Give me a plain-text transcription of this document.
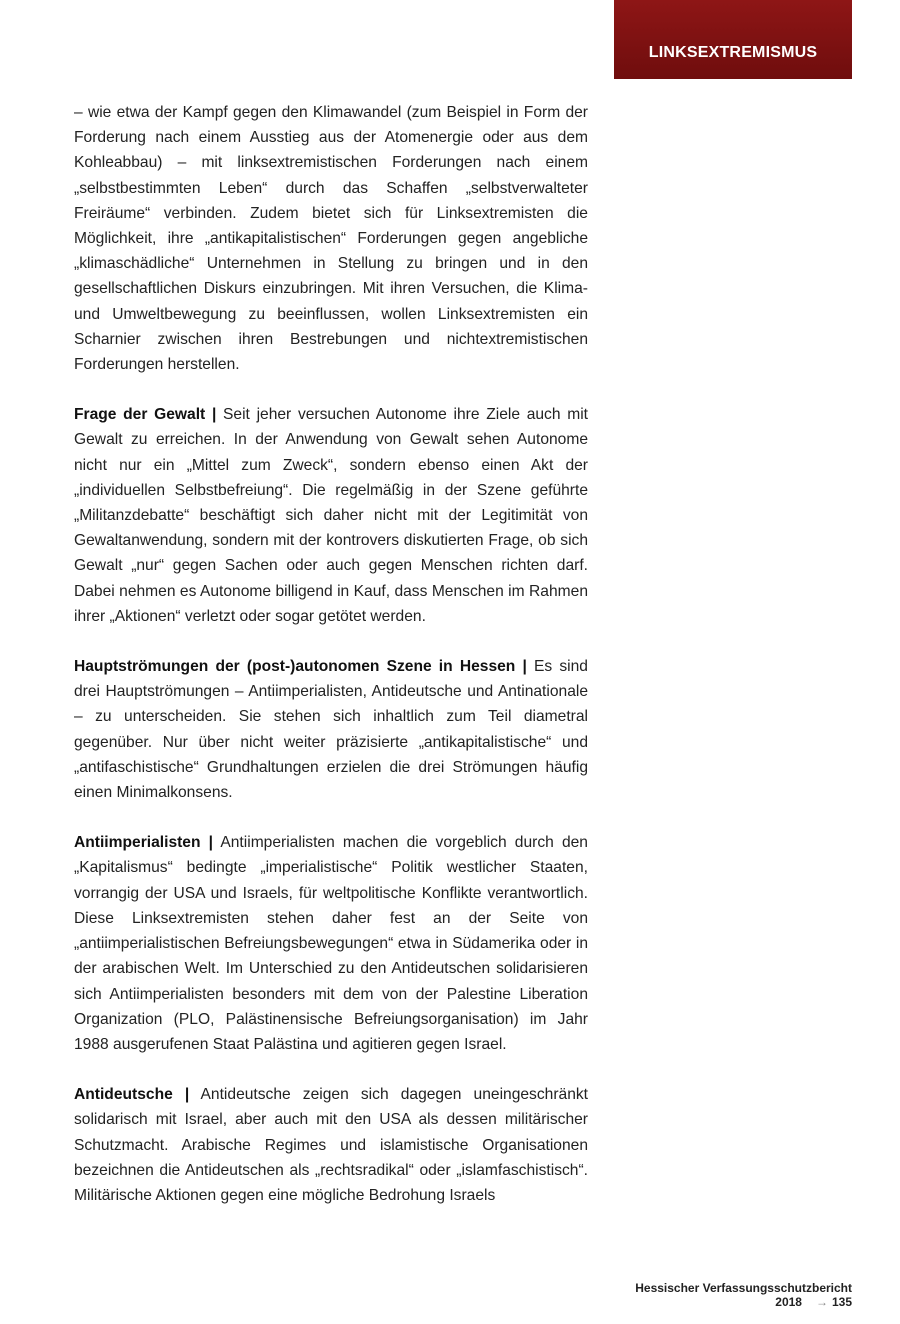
LINKSEXTREMISMUS

– wie etwa der Kampf gegen den Klimawandel (zum Beispiel in Form der Forderung nach einem Ausstieg aus der Atomenergie oder aus dem Kohleabbau) – mit linksextremistischen Forderungen nach einem „selbstbestimmten Leben“ durch das Schaffen „selbstverwalteter Freiräume“ verbinden. Zudem bietet sich für Linksextremisten die Möglichkeit, ihre „antikapitalistischen“ Forderungen gegen angebliche „klimaschädliche“ Unternehmen in Stellung zu bringen und in den gesellschaftlichen Diskurs einzubringen. Mit ihren Versuchen, die Klima- und Umweltbewegung zu beeinflussen, wollen Linksextremisten ein Scharnier zwischen ihren Bestrebungen und nichtextremistischen Forderungen herstellen.

Frage der Gewalt | Seit jeher versuchen Autonome ihre Ziele auch mit Gewalt zu erreichen. In der Anwendung von Gewalt sehen Autonome nicht nur ein „Mittel zum Zweck“, sondern ebenso einen Akt der „individuellen Selbstbefreiung“. Die regelmäßig in der Szene geführte „Militanzdebatte“ beschäftigt sich daher nicht mit der Legitimität von Gewaltanwendung, sondern mit der kontrovers diskutierten Frage, ob sich Gewalt „nur“ gegen Sachen oder auch gegen Menschen richten darf. Dabei nehmen es Autonome billigend in Kauf, dass Menschen im Rahmen ihrer „Aktionen“ verletzt oder sogar getötet werden.

Hauptströmungen der (post-)autonomen Szene in Hessen | Es sind drei Hauptströmungen – Antiimperialisten, Antideutsche und Antinationale – zu unterscheiden. Sie stehen sich inhaltlich zum Teil diametral gegenüber. Nur über nicht weiter präzisierte „antikapitalistische“ und „antifaschistische“ Grundhaltungen erzielen die drei Strömungen häufig einen Minimalkonsens.

Antiimperialisten | Antiimperialisten machen die vorgeblich durch den „Kapitalismus“ bedingte „imperialistische“ Politik westlicher Staaten, vorrangig der USA und Israels, für weltpolitische Konflikte verantwortlich. Diese Linksextremisten stehen daher fest an der Seite von „antiimperialistischen Befreiungsbewegungen“ etwa in Südamerika oder in der arabischen Welt. Im Unterschied zu den Antideutschen solidarisieren sich Antiimperialisten besonders mit dem von der Palestine Liberation Organization (PLO, Palästinensische Befreiungsorganisation) im Jahr 1988 ausgerufenen Staat Palästina und agitieren gegen Israel.

Antideutsche | Antideutsche zeigen sich dagegen uneingeschränkt solidarisch mit Israel, aber auch mit den USA als dessen militärischer Schutzmacht. Arabische Regimes und islamistische Organisationen bezeichnen die Antideutschen als „rechtsradikal“ oder „islamfaschistisch“. Militärische Aktionen gegen eine mögliche Bedrohung Israels

Hessischer Verfassungsschutzbericht 2018 → 135
